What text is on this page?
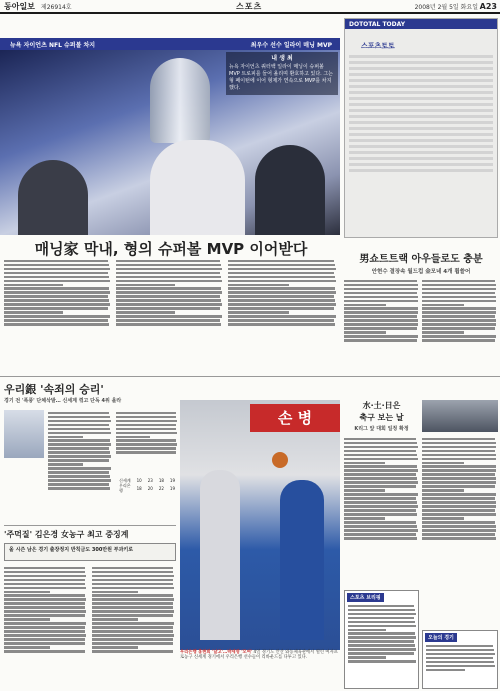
동아일보 제26914호	스포츠	2008년 2월 5일 화요일 A23
뉴욕 자이언츠 NFL 슈퍼볼 차지	최우수 선수 일라이 매닝 MVP
내 생 최
뉴욕 자이언츠 쿼터백 일라이 매닝이 슈퍼볼 MVP 트로피를 들어 올리며 환호하고 있다. 그는 형 페이턴에 이어 형제가 연속으로 MVP를 차지했다.
매닝家 막내, 형의 슈퍼볼 MVP 이어받다
DOTOTAL TODAY
스포츠토토
男쇼트트랙 아우들로도 충분
안현수 결장속 월드컵 金모네 4개 휩쓸어
우리銀 '속죄의 승리'
경기 전 '폭풍' 단체삭발… 신세계 꺾고 단독 4위 올라
신세계	10	23	18	19
우리은행	18	20	22	19
'주먹질' 김은경 女농구 최고 중징계
올 시즌 남은 경기 출장정지 반칙금도 300만원 부과키로
손 병
우리은행 홍현희 '날고'…박세영 '모여' 4일 경기도 안산 와동체육관에서 열린 여자프로농구 신세계 경기에서 우리은행 선수들이 리바운드를 다투고 있다.
水·土·日은
축구 보는 날
K리그 앞 대회 일정 확정
스포츠 브리핑
오늘의 경기
